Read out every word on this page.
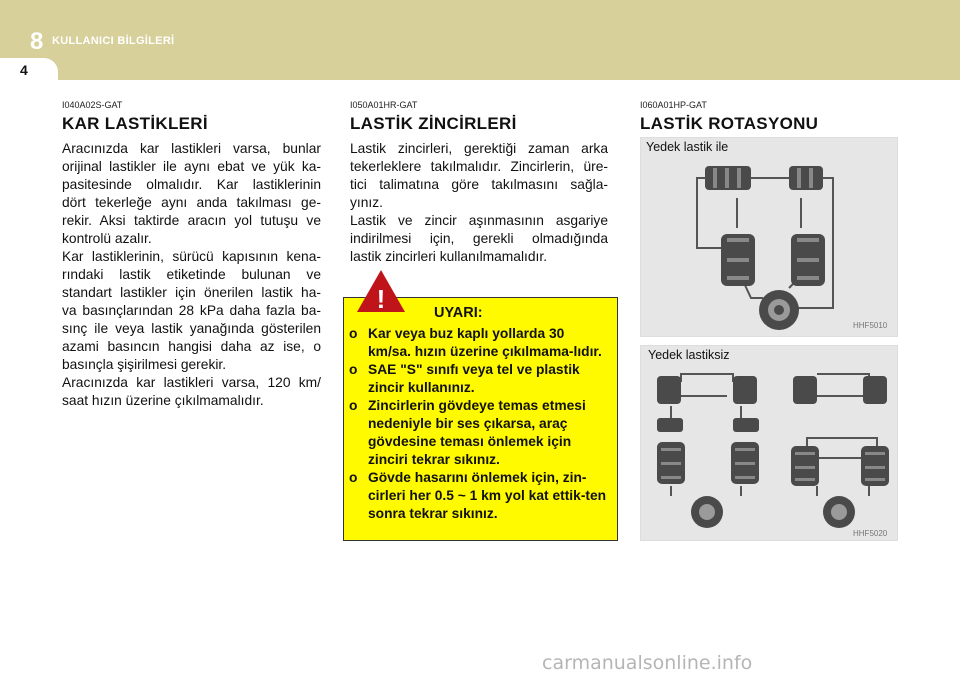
8 KULLANICI BİLGİLERİ
4
I040A02S-GAT
KAR LASTİKLERİ
Aracınızda kar lastikleri varsa, bunlar
orijinal lastikler ile aynı ebat ve yük ka-
pasitesinde olmalıdır. Kar lastiklerinin
dört tekerleğe aynı anda takılması ge-
rekir. Aksi taktirde aracın yol tutuşu ve
kontrolü azalır.
Kar lastiklerinin, sürücü kapısının kena-
rındaki lastik etiketinde bulunan ve
standart lastikler için önerilen lastik ha-
va basınçlarından 28 kPa daha fazla ba-
sınç ile veya lastik yanağında gösterilen
azami basıncın hangisi daha az ise, o
basınçla şişirilmesi gerekir.
Aracınızda kar lastikleri varsa, 120 km/
saat hızın üzerine çıkılmamalıdır.
I050A01HR-GAT
LASTİK ZİNCİRLERİ
Lastik zincirleri, gerektiği zaman arka
tekerleklere takılmalıdır. Zincirlerin, üre-
tici talimatına göre takılmasını sağla-
yınız.
Lastik ve zincir aşınmasının asgariye
indirilmesi için, gerekli olmadığında
lastik zincirleri kullanılmamalıdır.
!	UYARI:
o Kar veya buz kaplı yollarda 30 km/sa. hızın üzerine çıkılmama-lıdır.
o SAE "S" sınıfı veya tel ve plastik zincir kullanınız.
o Zincirlerin gövdeye temas etmesi nedeniyle bir ses çıkarsa, araç gövdesine teması önlemek için zinciri tekrar sıkınız.
o Gövde hasarını önlemek için, zin-cirleri her 0.5 ~ 1 km yol kat ettik-ten sonra tekrar sıkınız.
I060A01HP-GAT
LASTİK ROTASYONU
HHF5010
Yedek lastik ile
HHF5020
Yedek lastiksiz
carmanualsonline.info
